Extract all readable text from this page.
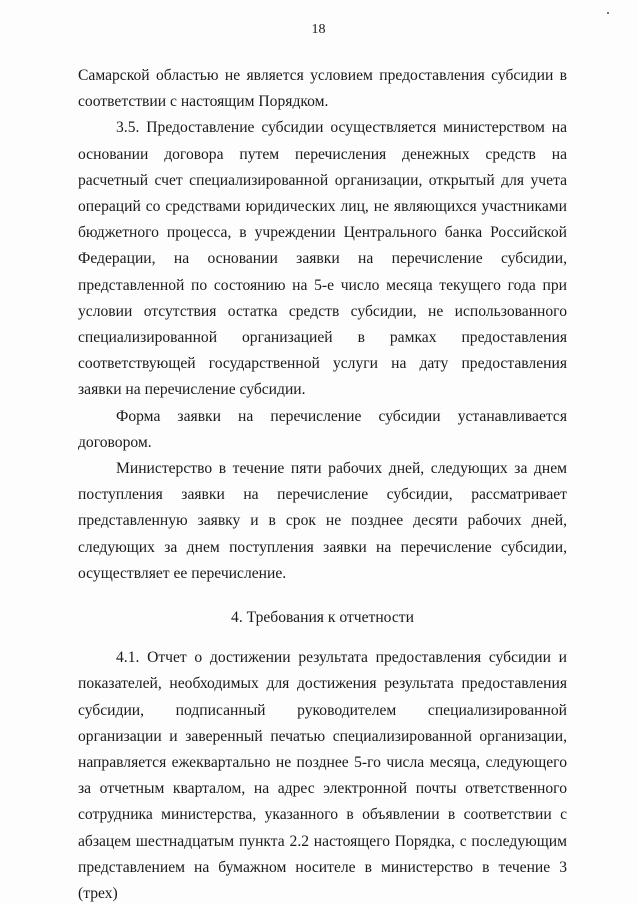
18

Самарской областью не является условием предоставления субсидии в соответствии с настоящим Порядком.

3.5. Предоставление субсидии осуществляется министерством на основании договора путем перечисления денежных средств на расчетный счет специализированной организации, открытый для учета операций со средствами юридических лиц, не являющихся участниками бюджетного процесса, в учреждении Центрального банка Российской Федерации, на основании заявки на перечисление субсидии, представленной по состоянию на 5-е число месяца текущего года при условии отсутствия остатка средств субсидии, не использованного специализированной организацией в рамках предоставления соответствующей государственной услуги на дату предоставления заявки на перечисление субсидии.

Форма заявки на перечисление субсидии устанавливается договором.

Министерство в течение пяти рабочих дней, следующих за днем поступления заявки на перечисление субсидии, рассматривает представленную заявку и в срок не позднее десяти рабочих дней, следующих за днем поступления заявки на перечисление субсидии, осуществляет ее перечисление.

4. Требования к отчетности

4.1. Отчет о достижении результата предоставления субсидии и показателей, необходимых для достижения результата предоставления субсидии, подписанный руководителем специализированной организации и заверенный печатью специализированной организации, направляется ежеквартально не позднее 5-го числа месяца, следующего за отчетным кварталом, на адрес электронной почты ответственного сотрудника министерства, указанного в объявлении в соответствии с абзацем шестнадцатым пункта 2.2 настоящего Порядка, с последующим представлением на бумажном носителе в министерство в течение 3 (трех)
